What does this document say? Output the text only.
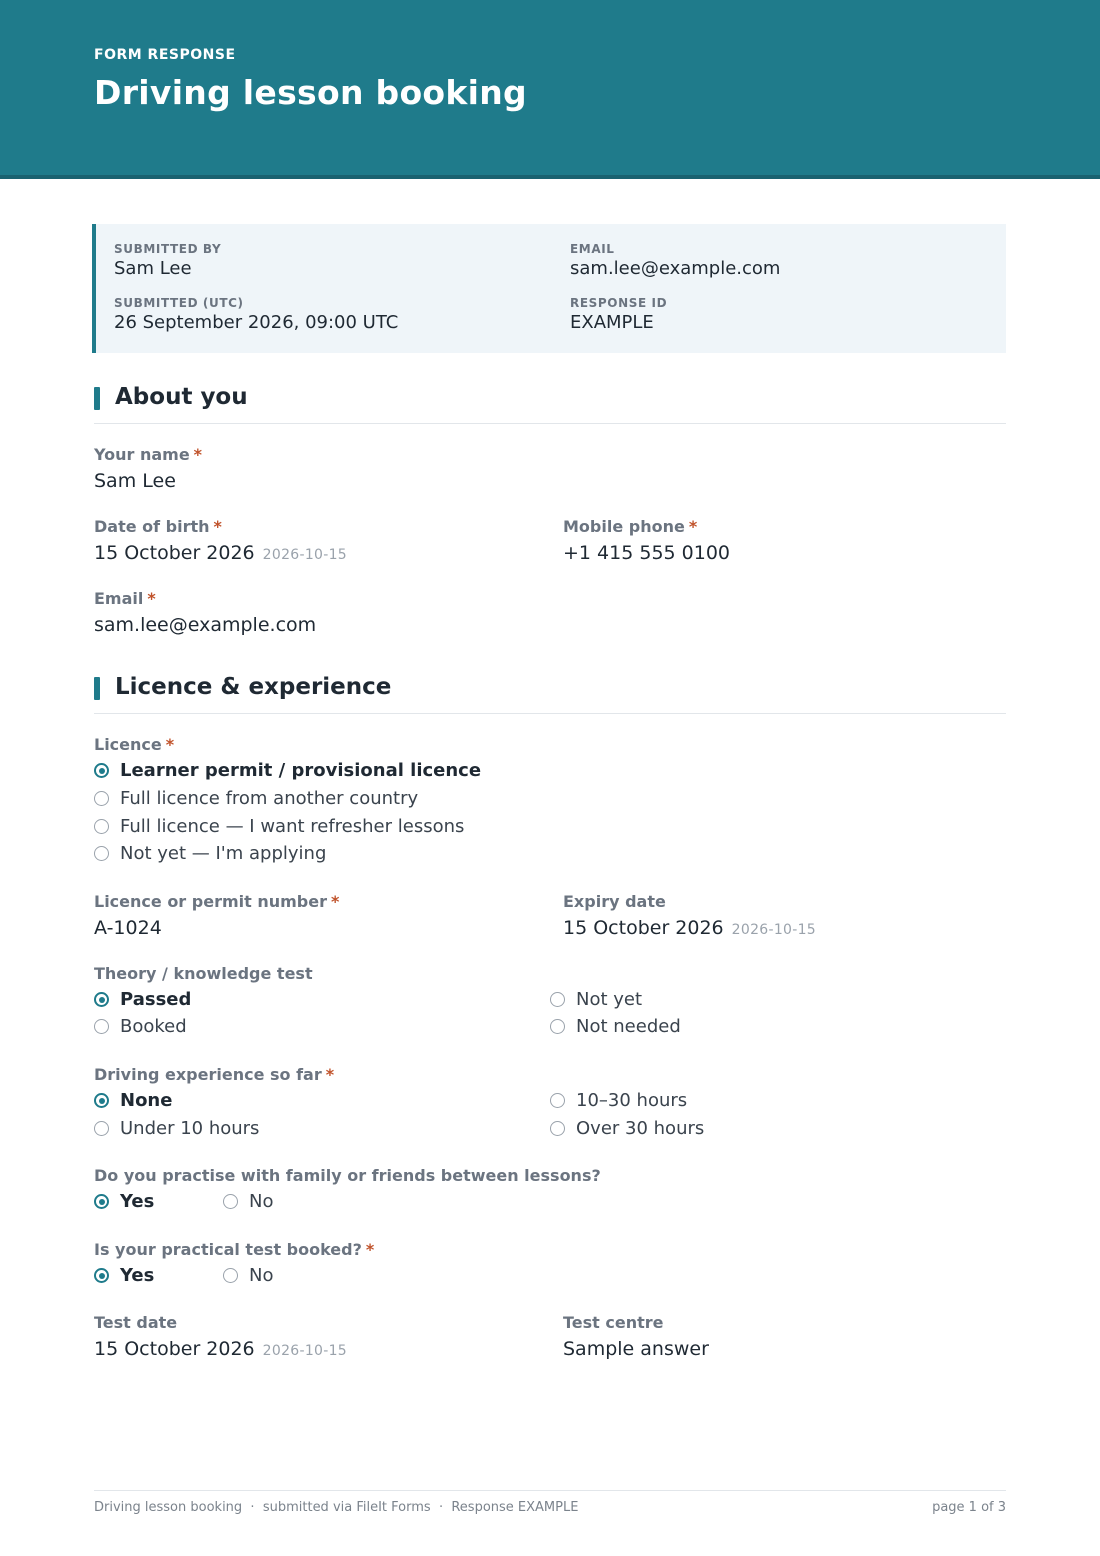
FORM RESPONSE
Driving lesson booking
SUBMITTED BY
Sam Lee
EMAIL
sam.lee@example.com
SUBMITTED (UTC)
26 September 2026, 09:00 UTC
RESPONSE ID
EXAMPLE
About you
Your name *
Sam Lee
Date of birth *
15 October 2026 2026-10-15
Mobile phone *
+1 415 555 0100
Email *
sam.lee@example.com
Licence & experience
Licence *
Learner permit / provisional licence
Full licence from another country
Full licence — I want refresher lessons
Not yet — I'm applying
Licence or permit number *
A-1024
Expiry date
15 October 2026 2026-10-15
Theory / knowledge test
Passed
Booked
Not yet
Not needed
Driving experience so far *
None
Under 10 hours
10–30 hours
Over 30 hours
Do you practise with family or friends between lessons?
Yes	No
Is your practical test booked? *
Yes	No
Test date
15 October 2026 2026-10-15
Test centre
Sample answer
Driving lesson booking  ·  submitted via FileIt Forms  ·  Response EXAMPLE	page 1 of 3
